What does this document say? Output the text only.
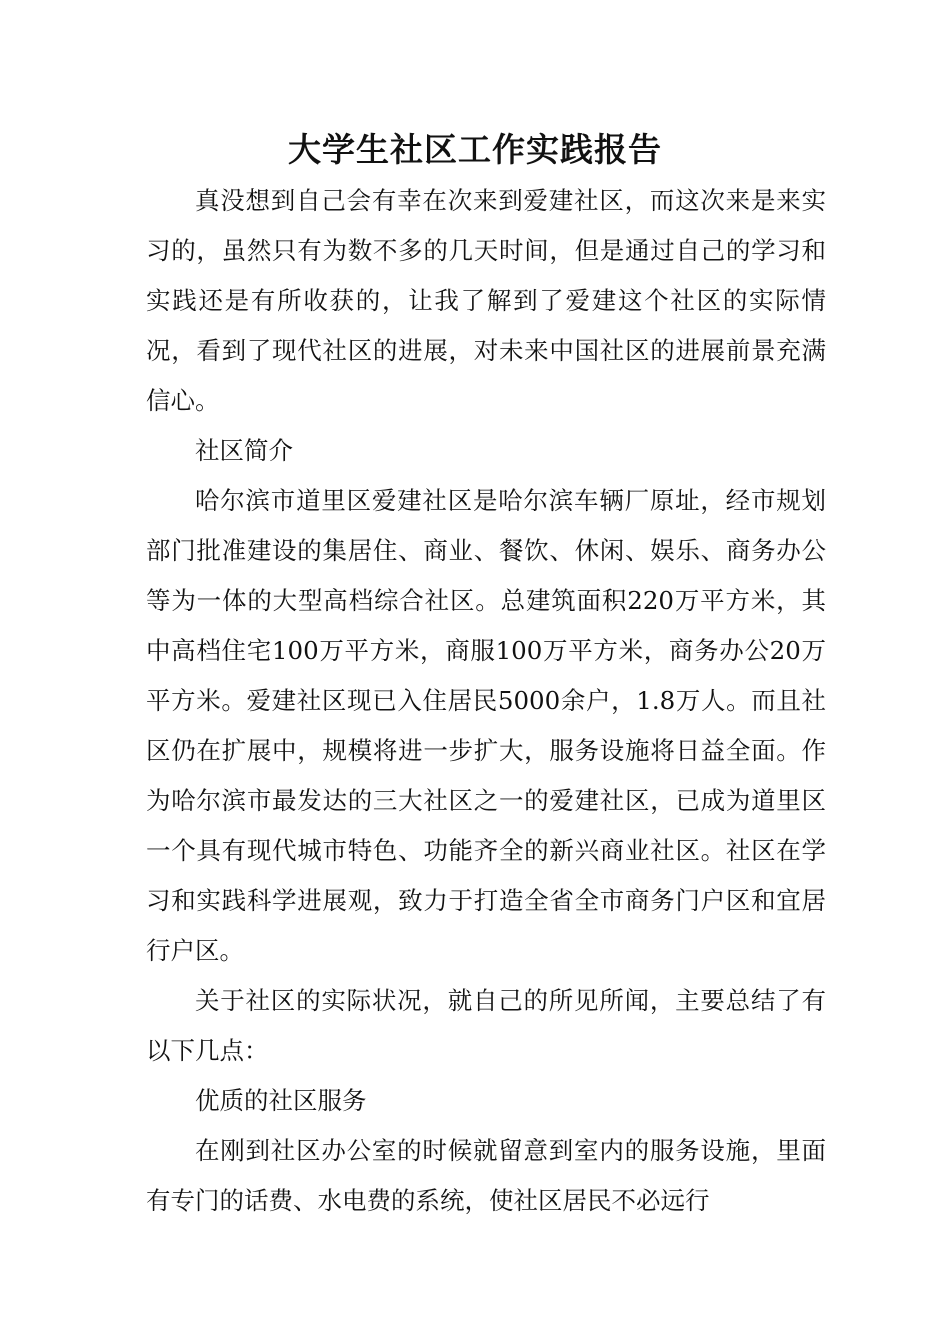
大学生社区工作实践报告

真没想到自己会有幸在次来到爱建社区，而这次来是来实习的，虽然只有为数不多的几天时间，但是通过自己的学习和实践还是有所收获的，让我了解到了爱建这个社区的实际情况，看到了现代社区的进展，对未来中国社区的进展前景充满信心。

社区简介

哈尔滨市道里区爱建社区是哈尔滨车辆厂原址，经市规划部门批准建设的集居住、商业、餐饮、休闲、娱乐、商务办公等为一体的大型高档综合社区。总建筑面积220万平方米，其中高档住宅100万平方米，商服100万平方米，商务办公20万平方米。爱建社区现已入住居民5000余户，1.8万人。而且社区仍在扩展中，规模将进一步扩大，服务设施将日益全面。作为哈尔滨市最发达的三大社区之一的爱建社区，已成为道里区一个具有现代城市特色、功能齐全的新兴商业社区。社区在学习和实践科学进展观，致力于打造全省全市商务门户区和宜居行户区。

关于社区的实际状况，就自己的所见所闻，主要总结了有以下几点：

优质的社区服务

在刚到社区办公室的时候就留意到室内的服务设施，里面有专门的话费、水电费的系统，使社区居民不必远行
